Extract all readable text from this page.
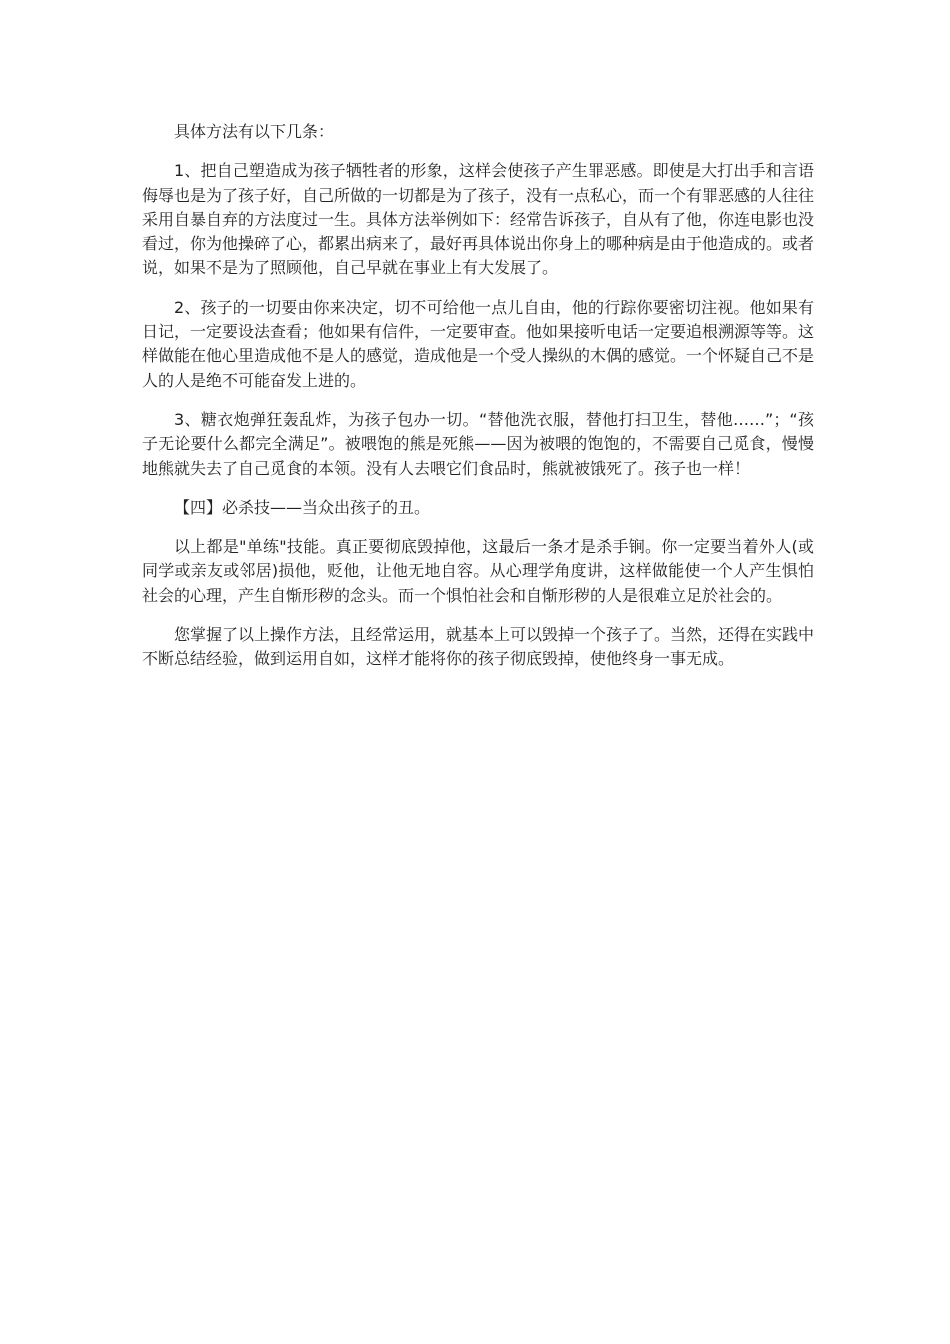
具体方法有以下几条：

1、把自己塑造成为孩子牺牲者的形象，这样会使孩子产生罪恶感。即使是大打出手和言语侮辱也是为了孩子好，自己所做的一切都是为了孩子，没有一点私心，而一个有罪恶感的人往往采用自暴自弃的方法度过一生。具体方法举例如下：经常告诉孩子，自从有了他，你连电影也没看过，你为他操碎了心，都累出病来了，最好再具体说出你身上的哪种病是由于他造成的。或者说，如果不是为了照顾他，自己早就在事业上有大发展了。

2、孩子的一切要由你来决定，切不可给他一点儿自由，他的行踪你要密切注视。他如果有日记，一定要设法查看；他如果有信件，一定要审查。他如果接听电话一定要追根溯源等等。这样做能在他心里造成他不是人的感觉，造成他是一个受人操纵的木偶的感觉。一个怀疑自己不是人的人是绝不可能奋发上进的。

3、糖衣炮弹狂轰乱炸，为孩子包办一切。“替他洗衣服，替他打扫卫生，替他……”；“孩子无论要什么都完全满足”。被喂饱的熊是死熊——因为被喂的饱饱的，不需要自己觅食，慢慢地熊就失去了自己觅食的本领。没有人去喂它们食品时，熊就被饿死了。孩子也一样！

【四】必杀技——当众出孩子的丑。

以上都是"单练"技能。真正要彻底毁掉他，这最后一条才是杀手锏。你一定要当着外人(或同学或亲友或邻居)损他，贬他，让他无地自容。从心理学角度讲，这样做能使一个人产生惧怕社会的心理，产生自惭形秽的念头。而一个惧怕社会和自惭形秽的人是很难立足於社会的。

您掌握了以上操作方法，且经常运用，就基本上可以毁掉一个孩子了。当然，还得在实践中不断总结经验，做到运用自如，这样才能将你的孩子彻底毁掉，使他终身一事无成。
